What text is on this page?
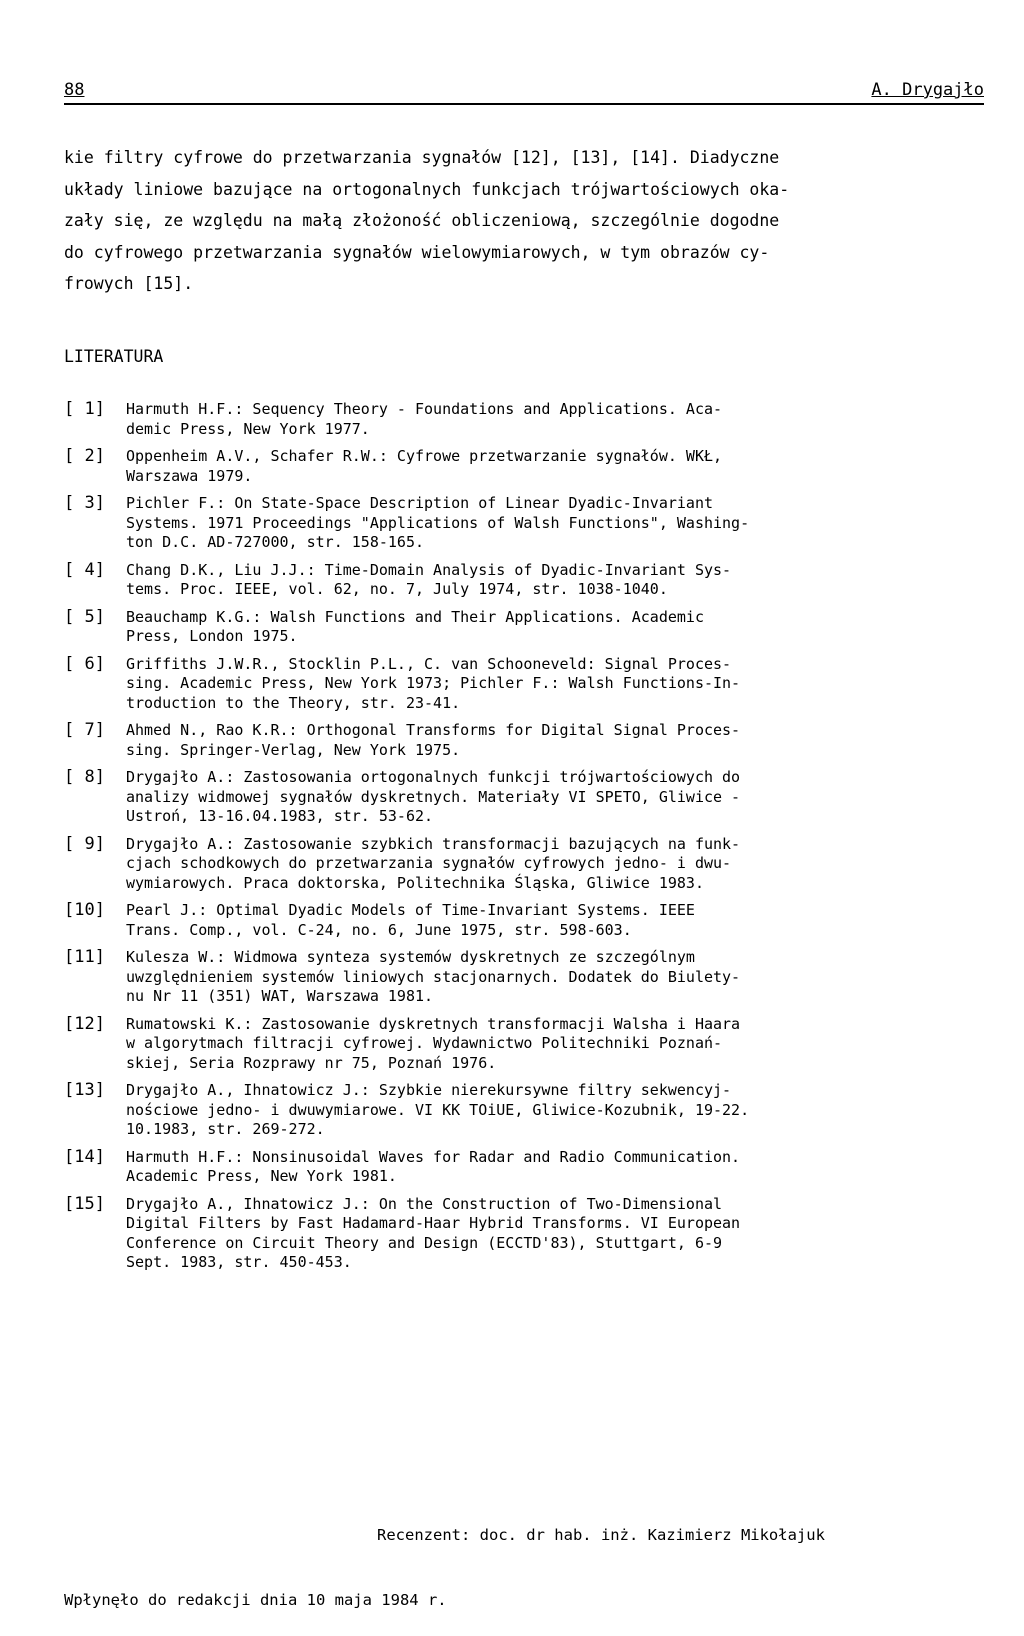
88	A. Drygajło

kie filtry cyfrowe do przetwarzania sygnałów [12], [13], [14]. Diadyczne
układy liniowe bazujące na ortogonalnych funkcjach trójwartościowych oka-
zały się, ze względu na małą złożoność obliczeniową, szczególnie dogodne
do cyfrowego przetwarzania sygnałów wielowymiarowych, w tym obrazów cy-
frowych [15].

LITERATURA
[ 1]	Harmuth H.F.: Sequency Theory - Foundations and Applications. Aca-
demic Press, New York 1977.
[ 2]	Oppenheim A.V., Schafer R.W.: Cyfrowe przetwarzanie sygnałów. WKŁ,
Warszawa 1979.
[ 3]	Pichler F.: On State-Space Description of Linear Dyadic-Invariant
Systems. 1971 Proceedings "Applications of Walsh Functions", Washing-
ton D.C. AD-727000, str. 158-165.
[ 4]	Chang D.K., Liu J.J.: Time-Domain Analysis of Dyadic-Invariant Sys-
tems. Proc. IEEE, vol. 62, no. 7, July 1974, str. 1038-1040.
[ 5]	Beauchamp K.G.: Walsh Functions and Their Applications. Academic
Press, London 1975.
[ 6]	Griffiths J.W.R., Stocklin P.L., C. van Schooneveld: Signal Proces-
sing. Academic Press, New York 1973; Pichler F.: Walsh Functions-In-
troduction to the Theory, str. 23-41.
[ 7]	Ahmed N., Rao K.R.: Orthogonal Transforms for Digital Signal Proces-
sing. Springer-Verlag, New York 1975.
[ 8]	Drygajło A.: Zastosowania ortogonalnych funkcji trójwartościowych do
analizy widmowej sygnałów dyskretnych. Materiały VI SPETO, Gliwice -
Ustroń, 13-16.04.1983, str. 53-62.
[ 9]	Drygajło A.: Zastosowanie szybkich transformacji bazujących na funk-
cjach schodkowych do przetwarzania sygnałów cyfrowych jedno- i dwu-
wymiarowych. Praca doktorska, Politechnika Śląska, Gliwice 1983.
[10]	Pearl J.: Optimal Dyadic Models of Time-Invariant Systems. IEEE
Trans. Comp., vol. C-24, no. 6, June 1975, str. 598-603.
[11]	Kulesza W.: Widmowa synteza systemów dyskretnych ze szczególnym
uwzględnieniem systemów liniowych stacjonarnych. Dodatek do Biulety-
nu Nr 11 (351) WAT, Warszawa 1981.
[12]	Rumatowski K.: Zastosowanie dyskretnych transformacji Walsha i Haara
w algorytmach filtracji cyfrowej. Wydawnictwo Politechniki Poznań-
skiej, Seria Rozprawy nr 75, Poznań 1976.
[13]	Drygajło A., Ihnatowicz J.: Szybkie nierekursywne filtry sekwencyj-
nościowe jedno- i dwuwymiarowe. VI KK TOiUE, Gliwice-Kozubnik, 19-22.
10.1983, str. 269-272.
[14]	Harmuth H.F.: Nonsinusoidal Waves for Radar and Radio Communication.
Academic Press, New York 1981.
[15]	Drygajło A., Ihnatowicz J.: On the Construction of Two-Dimensional
Digital Filters by Fast Hadamard-Haar Hybrid Transforms. VI European
Conference on Circuit Theory and Design (ECCTD'83), Stuttgart, 6-9
Sept. 1983, str. 450-453.

Recenzent: doc. dr hab. inż. Kazimierz Mikołajuk

Wpłynęło do redakcji dnia 10 maja 1984 r.
